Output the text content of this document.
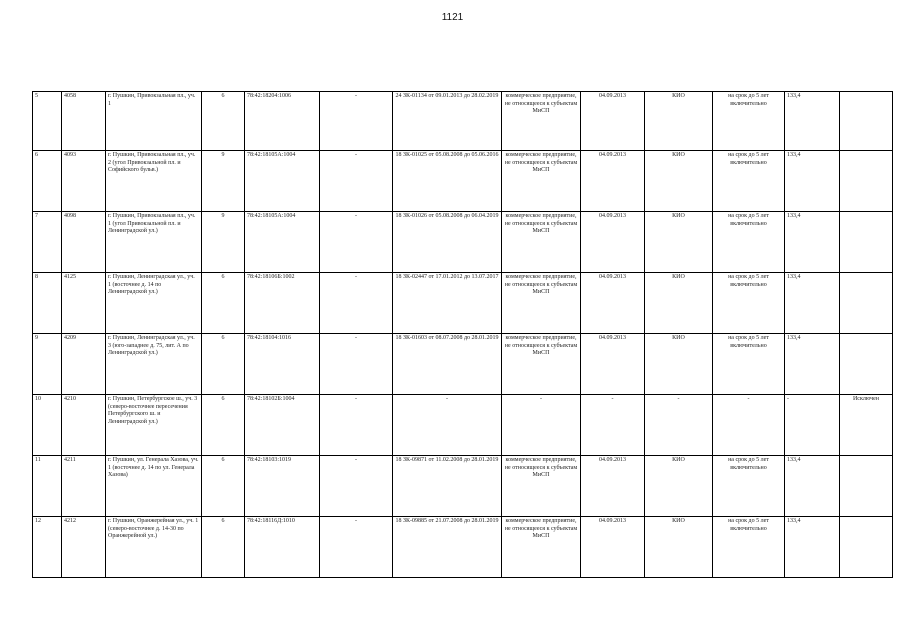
1121
5	4058	г. Пушкин, Привокзальная пл., уч. 1	6	78:42:18204:1006	-	24 ЗК-01134 от 09.01.2013 до 28.02.2019	коммерческое предприятие, не относящееся к субъектам МиСП	04.09.2013	КИО	на срок до 5 лет включительно	133,4	
6	4093	г. Пушкин, Привокзальная пл., уч. 2 (угол Привокзальной пл. и Софийского бульв.)	9	78:42:18105А:1004	-	18 ЗК-01025 от 05.08.2008 до 05.06.2016	коммерческое предприятие, не относящееся к субъектам МиСП	04.09.2013	КИО	на срок до 5 лет включительно	133,4	
7	4098	г. Пушкин, Привокзальная пл., уч. 1 (угол Привокзальной пл. и Ленинградской ул.)	9	78:42:18105А:1004	-	18 ЗК-01026 от 05.08.2008 до 06.04.2019	коммерческое предприятие, не относящееся к субъектам МиСП	04.09.2013	КИО	на срок до 5 лет включительно	133,4	
8	4125	г. Пушкин, Ленинградская ул., уч. 1 (восточнее д. 14 по Ленинградской ул.)	6	78:42:18106Б:1002	-	18 ЗК-02447 от 17.01.2012 до 13.07.2017	коммерческое предприятие, не относящееся к субъектам МиСП	04.09.2013	КИО	на срок до 5 лет включительно	133,4	
9	4209	г. Пушкин, Ленинградская ул., уч. 3 (юго-западнее д. 75, лит. А по Ленинградской ул.)	6	78:42:18104:1016	-	18 ЗК-01603 от 08.07.2008 до 28.01.2019	коммерческое предприятие, не относящееся к субъектам МиСП	04.09.2013	КИО	на срок до 5 лет включительно	133,4	
10	4210	г. Пушкин, Петербургское ш., уч. 3 (северо-восточнее пересечения Петербургского ш. и Ленинградской ул.)	6	78:42:18102Б:1004	-	-	-	-	-	-	-	Исключен
11	4211	г. Пушкин, ул. Генерала Хазова, уч. 1 (восточнее д. 14 по ул. Генерала Хазова)	6	78:42:18103:1019	-	18 ЗК-09871 от 11.02.2008 до 28.01.2019	коммерческое предприятие, не относящееся к субъектам МиСП	04.09.2013	КИО	на срок до 5 лет включительно	133,4	
12	4212	г. Пушкин, Оранжерейная ул., уч. 1 (северо-восточнее д. 14-30 по Оранжерейной ул.)	6	78:42:18116Д:1010	-	18 ЗК-09885 от 21.07.2008 до 28.01.2019	коммерческое предприятие, не относящееся к субъектам МиСП	04.09.2013	КИО	на срок до 5 лет включительно	133,4	
